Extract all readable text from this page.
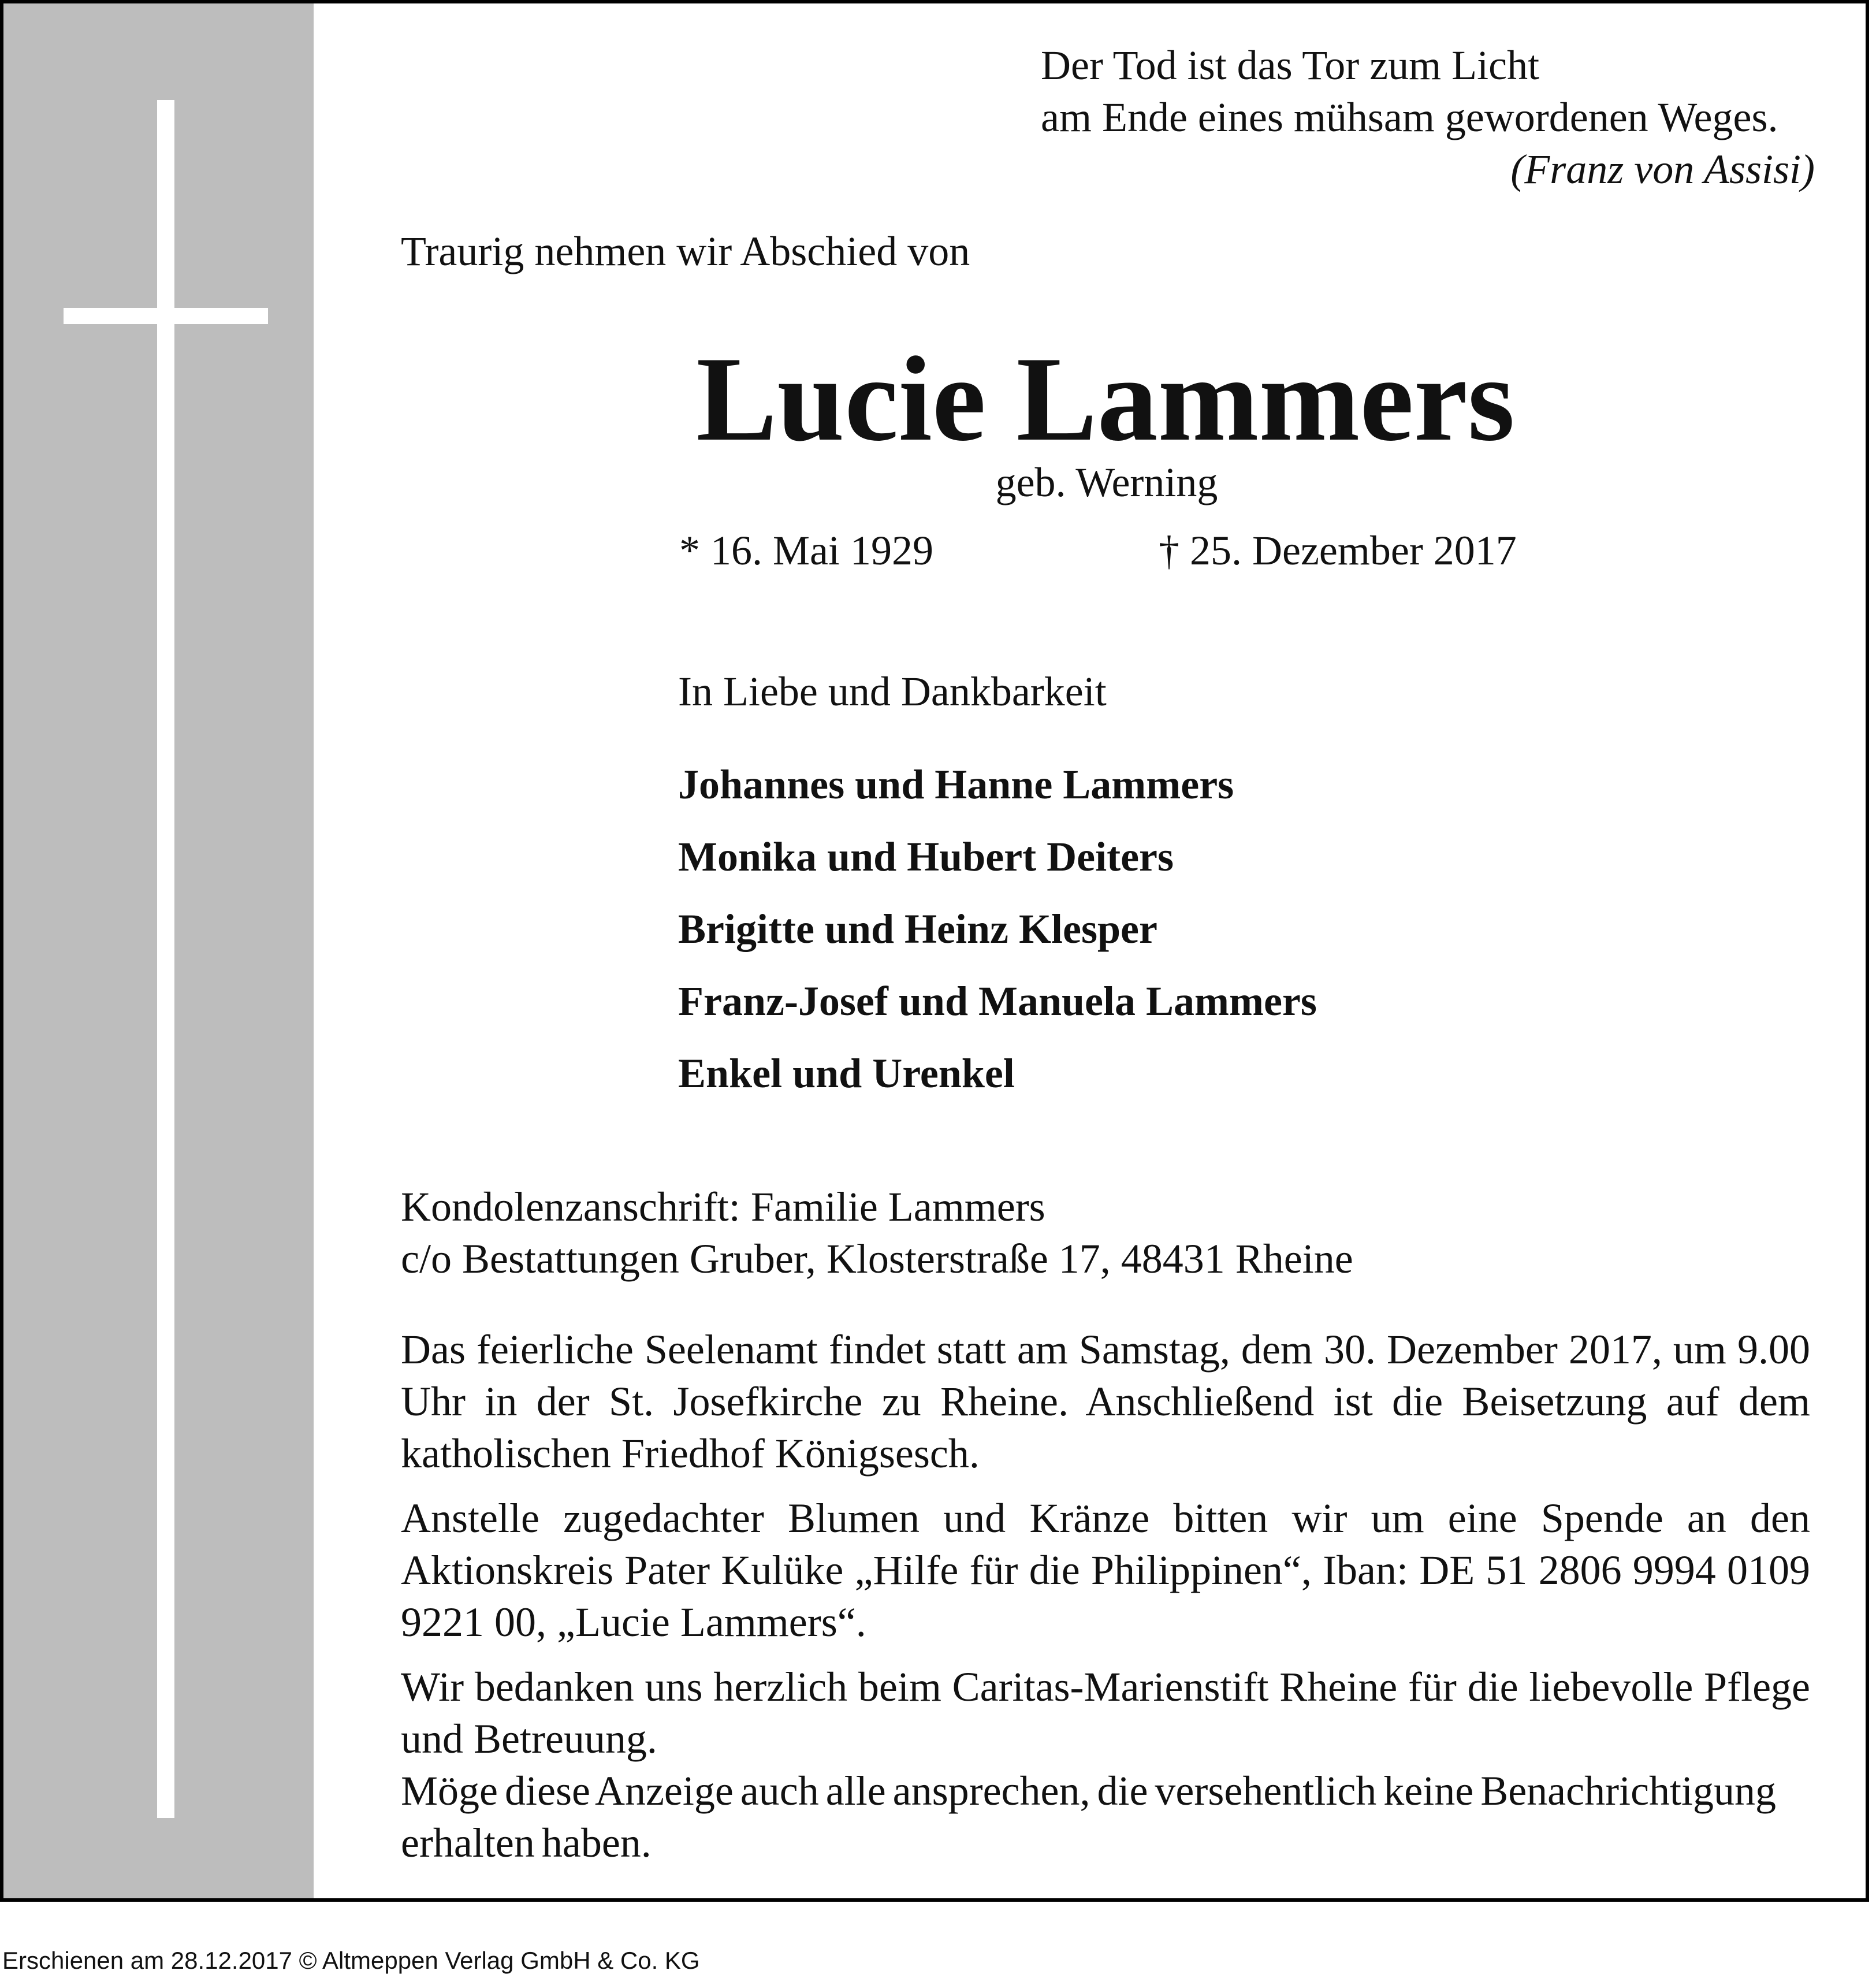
Der Tod ist das Tor zum Licht
am Ende eines mühsam gewordenen Weges.
(Franz von Assisi)
Traurig nehmen wir Abschied von
Lucie Lammers
geb. Werning
* 16. Mai 1929	† 25. Dezember 2017
In Liebe und Dankbarkeit
Johannes und Hanne Lammers
Monika und Hubert Deiters
Brigitte und Heinz Klesper
Franz-Josef und Manuela Lammers
Enkel und Urenkel
Kondolenzanschrift: Familie Lammers
c/o Bestattungen Gruber, Klosterstraße 17, 48431 Rheine

Das feierliche Seelenamt findet statt am Samstag, dem 30. Dezember 2017, um 9.00 Uhr in der St. Josefkirche zu Rheine. Anschließend ist die Beisetzung auf dem katholischen Friedhof Königsesch.

Anstelle zugedachter Blumen und Kränze bitten wir um eine Spende an den Aktionskreis Pater Kulüke „Hilfe für die Philippinen“, Iban: DE 51 2806 9994 0109 9221 00, „Lucie Lammers“.

Wir bedanken uns herzlich beim Caritas-Marienstift Rheine für die liebevolle Pflege und Betreuung.

Möge diese Anzeige auch alle ansprechen, die versehentlich keine Benachrichtigung erhalten haben.

Erschienen am 28.12.2017 © Altmeppen Verlag GmbH & Co. KG
